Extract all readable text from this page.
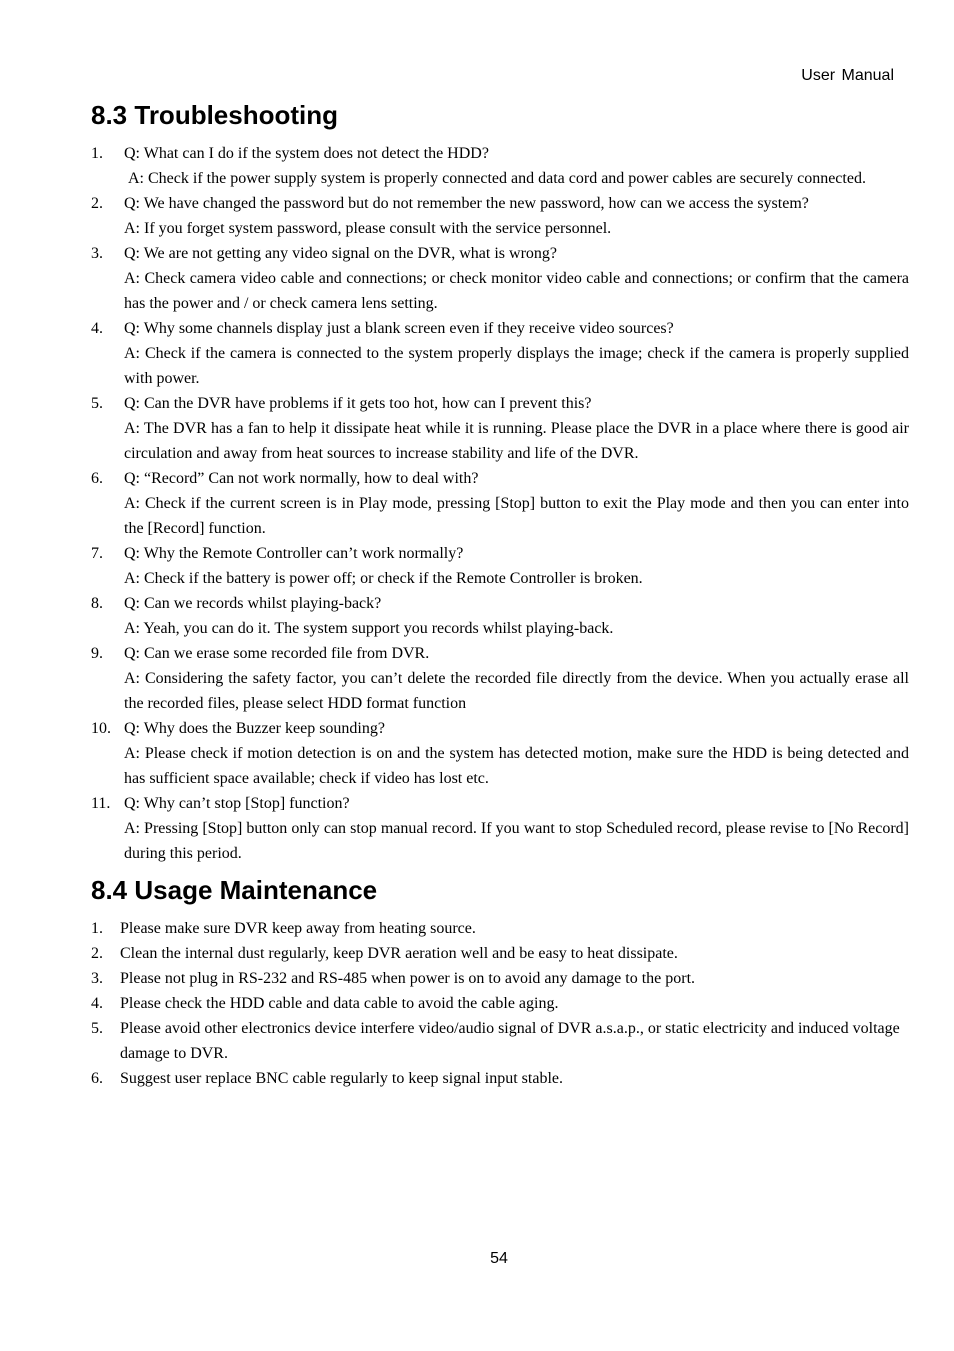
User Manual
8.3 Troubleshooting
1. Q: What can I do if the system does not detect the HDD?
A: Check if the power supply system is properly connected and data cord and power cables are securely connected.
2. Q: We have changed the password but do not remember the new password, how can we access the system?
A: If you forget system password, please consult with the service personnel.
3. Q: We are not getting any video signal on the DVR, what is wrong?
A: Check camera video cable and connections; or check monitor video cable and connections; or confirm that the camera has the power and / or check camera lens setting.
4. Q: Why some channels display just a blank screen even if they receive video sources?
A: Check if the camera is connected to the system properly displays the image; check if the camera is properly supplied with power.
5. Q: Can the DVR have problems if it gets too hot, how can I prevent this?
A: The DVR has a fan to help it dissipate heat while it is running. Please place the DVR in a place where there is good air circulation and away from heat sources to increase stability and life of the DVR.
6. Q: “Record” Can not work normally, how to deal with?
A: Check if the current screen is in Play mode, pressing [Stop] button to exit the Play mode and then you can enter into the [Record] function.
7. Q: Why the Remote Controller can’t work normally?
A: Check if the battery is power off; or check if the Remote Controller is broken.
8. Q: Can we records whilst playing-back?
A: Yeah, you can do it. The system support you records whilst playing-back.
9. Q: Can we erase some recorded file from DVR.
A: Considering the safety factor, you can’t delete the recorded file directly from the device. When you actually erase all the recorded files, please select HDD format function
10. Q: Why does the Buzzer keep sounding?
A: Please check if motion detection is on and the system has detected motion, make sure the HDD is being detected and has sufficient space available; check if video has lost etc.
11. Q: Why can’t stop [Stop] function?
A: Pressing [Stop] button only can stop manual record. If you want to stop Scheduled record, please revise to [No Record] during this period.
8.4 Usage Maintenance
1. Please make sure DVR keep away from heating source.
2. Clean the internal dust regularly, keep DVR aeration well and be easy to heat dissipate.
3. Please not plug in RS-232 and RS-485 when power is on to avoid any damage to the port.
4. Please check the HDD cable and data cable to avoid the cable aging.
5. Please avoid other electronics device interfere video/audio signal of DVR a.s.a.p., or static electricity and induced voltage damage to DVR.
6. Suggest user replace BNC cable regularly to keep signal input stable.
54
